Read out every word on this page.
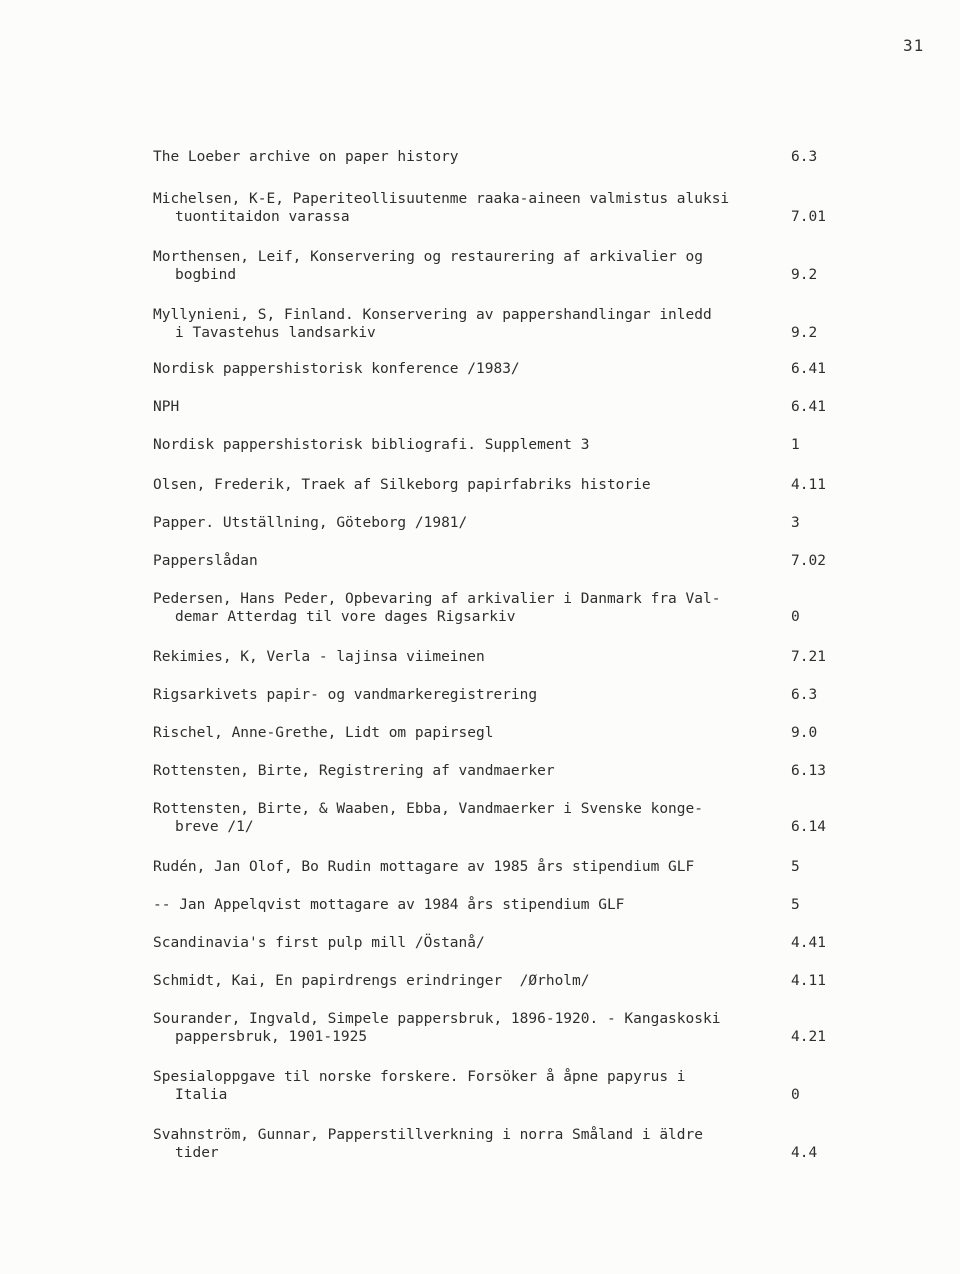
31
The Loeber archive on paper history	6.3
Michelsen, K-E, Paperiteollisuutenme raaka-aineen valmistus aluksi
tuontitaidon varassa	7.01
Morthensen, Leif, Konservering og restaurering af arkivalier og
bogbind	9.2
Myllynieni, S, Finland. Konservering av pappershandlingar inledd
i Tavastehus landsarkiv	9.2
Nordisk pappershistorisk konference /1983/	6.41
NPH	6.41
Nordisk pappershistorisk bibliografi. Supplement 3	1
Olsen, Frederik, Traek af Silkeborg papirfabriks historie	4.11
Papper. Utställning, Göteborg /1981/	3
Papperslådan	7.02
Pedersen, Hans Peder, Opbevaring af arkivalier i Danmark fra Val-
demar Atterdag til vore dages Rigsarkiv	0
Rekimies, K, Verla - lajinsa viimeinen	7.21
Rigsarkivets papir- og vandmarkeregistrering	6.3
Rischel, Anne-Grethe, Lidt om papirsegl	9.0
Rottensten, Birte, Registrering af vandmaerker	6.13
Rottensten, Birte, & Waaben, Ebba, Vandmaerker i Svenske konge-
breve /1/	6.14
Rudén, Jan Olof, Bo Rudin mottagare av 1985 års stipendium GLF	5
-- Jan Appelqvist mottagare av 1984 års stipendium GLF	5
Scandinavia's first pulp mill /Östanå/	4.41
Schmidt, Kai, En papirdrengs erindringer  /Ørholm/	4.11
Sourander, Ingvald, Simpele pappersbruk, 1896-1920. - Kangaskoski
pappersbruk, 1901-1925	4.21
Spesialoppgave til norske forskere. Forsöker å åpne papyrus i
Italia	0
Svahnström, Gunnar, Papperstillverkning i norra Småland i äldre
tider	4.4
